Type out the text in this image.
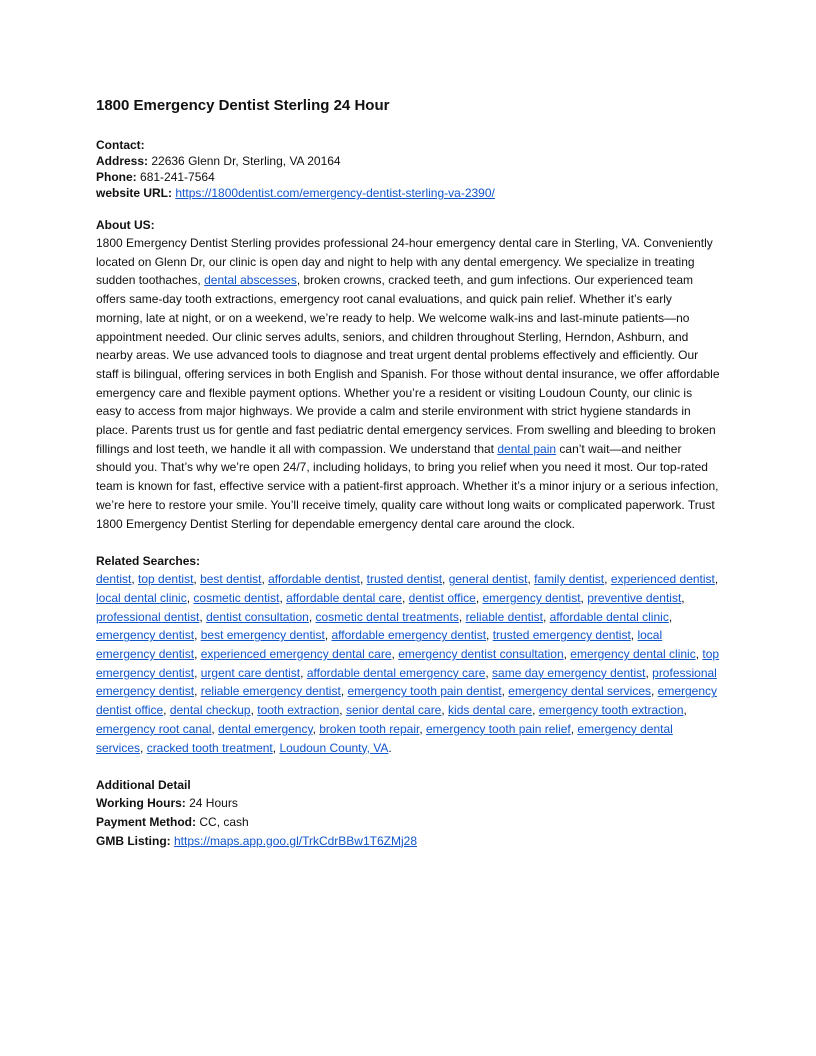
1800 Emergency Dentist Sterling 24 Hour
Contact:
Address: 22636 Glenn Dr, Sterling, VA 20164
Phone: 681-241-7564
website URL: https://1800dentist.com/emergency-dentist-sterling-va-2390/
About US:

1800 Emergency Dentist Sterling provides professional 24-hour emergency dental care in Sterling, VA. Conveniently located on Glenn Dr, our clinic is open day and night to help with any dental emergency. We specialize in treating sudden toothaches, dental abscesses, broken crowns, cracked teeth, and gum infections. Our experienced team offers same-day tooth extractions, emergency root canal evaluations, and quick pain relief. Whether it’s early morning, late at night, or on a weekend, we’re ready to help. We welcome walk-ins and last-minute patients—no appointment needed. Our clinic serves adults, seniors, and children throughout Sterling, Herndon, Ashburn, and nearby areas. We use advanced tools to diagnose and treat urgent dental problems effectively and efficiently. Our staff is bilingual, offering services in both English and Spanish. For those without dental insurance, we offer affordable emergency care and flexible payment options. Whether you’re a resident or visiting Loudoun County, our clinic is easy to access from major highways. We provide a calm and sterile environment with strict hygiene standards in place. Parents trust us for gentle and fast pediatric dental emergency services. From swelling and bleeding to broken fillings and lost teeth, we handle it all with compassion. We understand that dental pain can’t wait—and neither should you. That’s why we’re open 24/7, including holidays, to bring you relief when you need it most. Our top-rated team is known for fast, effective service with a patient-first approach. Whether it’s a minor injury or a serious infection, we’re here to restore your smile. You’ll receive timely, quality care without long waits or complicated paperwork. Trust 1800 Emergency Dentist Sterling for dependable emergency dental care around the clock.

Related Searches:

dentist, top dentist, best dentist, affordable dentist, trusted dentist, general dentist, family dentist, experienced dentist, local dental clinic, cosmetic dentist, affordable dental care, dentist office, emergency dentist, preventive dentist, professional dentist, dentist consultation, cosmetic dental treatments, reliable dentist, affordable dental clinic, emergency dentist, best emergency dentist, affordable emergency dentist, trusted emergency dentist, local emergency dentist, experienced emergency dental care, emergency dentist consultation, emergency dental clinic, top emergency dentist, urgent care dentist, affordable dental emergency care, same day emergency dentist, professional emergency dentist, reliable emergency dentist, emergency tooth pain dentist, emergency dental services, emergency dentist office, dental checkup, tooth extraction, senior dental care, kids dental care, emergency tooth extraction, emergency root canal, dental emergency, broken tooth repair, emergency tooth pain relief, emergency dental services, cracked tooth treatment, Loudoun County, VA.

Additional Detail
Working Hours: 24 Hours
Payment Method: CC, cash
GMB Listing: https://maps.app.goo.gl/TrkCdrBBw1T6ZMj28
